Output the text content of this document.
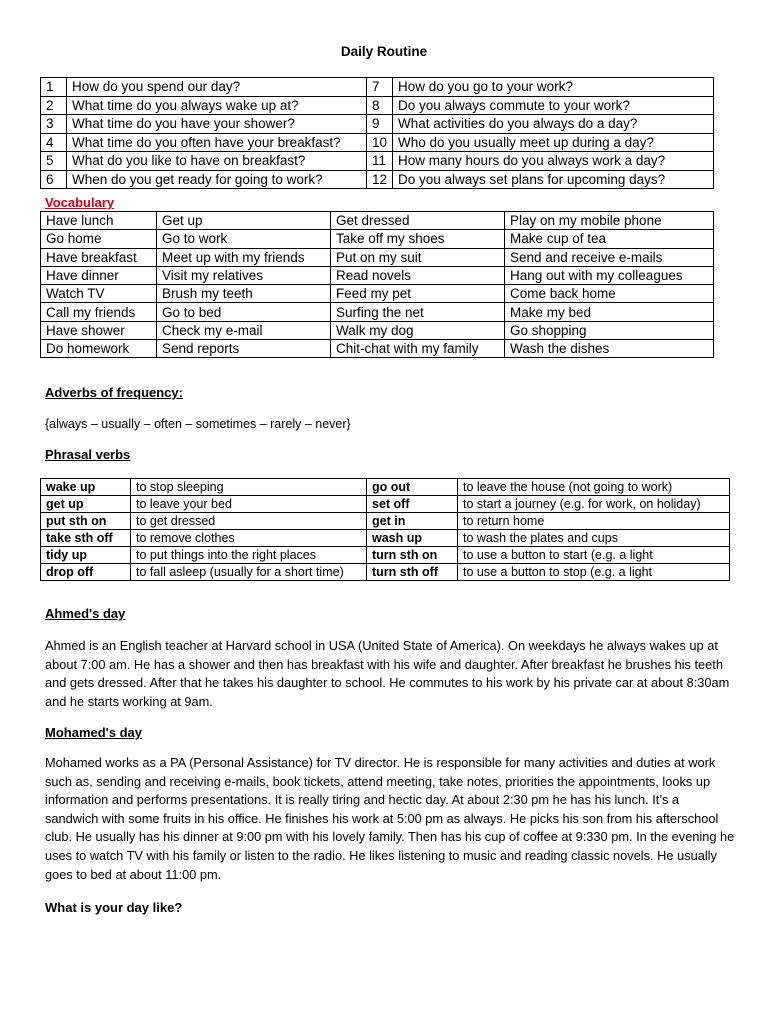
Daily Routine
1	How do you spend our day?	7	How do you go to your work?
2	What time do you always wake up at?	8	Do you always commute to your work?
3	What time do you have your shower?	9	What activities do you always do a day?
4	What time do you often have your breakfast?	10	Who do you usually meet up during a day?
5	What do you like to have on breakfast?	11	How many hours do you always work a day?
6	When do you get ready for going to work?	12	Do you always set plans for upcoming days?
Vocabulary
Have lunch	Get up	Get dressed	Play on my mobile phone
Go home	Go to work	Take off my shoes	Make cup of tea
Have breakfast	Meet up with my friends	Put on my suit	Send and receive e-mails
Have dinner	Visit my relatives	Read novels	Hang out with my colleagues
Watch TV	Brush my teeth	Feed my pet	Come back home
Call my friends	Go to bed	Surfing the net	Make my bed
Have shower	Check my e-mail	Walk my dog	Go shopping
Do homework	Send reports	Chit-chat with my family	Wash the dishes
Adverbs of frequency:
{always – usually – often – sometimes – rarely – never}
Phrasal verbs
wake up	to stop sleeping	go out	to leave the house (not going to work)
get up	to leave your bed	set off	to start a journey (e.g. for work, on holiday)
put sth on	to get dressed	get in	to return home
take sth off	to remove clothes	wash up	to wash the plates and cups
tidy up	to put things into the right places	turn sth on	to use a button to start (e.g. a light
drop off	to fall asleep (usually for a short time)	turn sth off	to use a button to stop (e.g. a light
Ahmed's day
Ahmed is an English teacher at Harvard school in USA (United State of America). On weekdays he always wakes up at about 7:00 am. He has a shower and then has breakfast with his wife and daughter. After breakfast he brushes his teeth and gets dressed. After that he takes his daughter to school. He commutes to his work by his private car at about 8:30am and he starts working at 9am.
Mohamed's day
Mohamed works as a PA (Personal Assistance) for TV director. He is responsible for many activities and duties at work such as, sending and receiving e-mails, book tickets, attend meeting, take notes, priorities the appointments, looks up information and performs presentations. It is really tiring and hectic day. At about 2:30 pm he has his lunch. It’s a sandwich with some fruits in his office. He finishes his work at 5:00 pm as always. He picks his son from his afterschool club. He usually has his dinner at 9:00 pm with his lovely family. Then has his cup of coffee at 9:330 pm. In the evening he uses to watch TV with his family or listen to the radio. He likes listening to music and reading classic novels. He usually goes to bed at about 11:00 pm.
What is your day like?
